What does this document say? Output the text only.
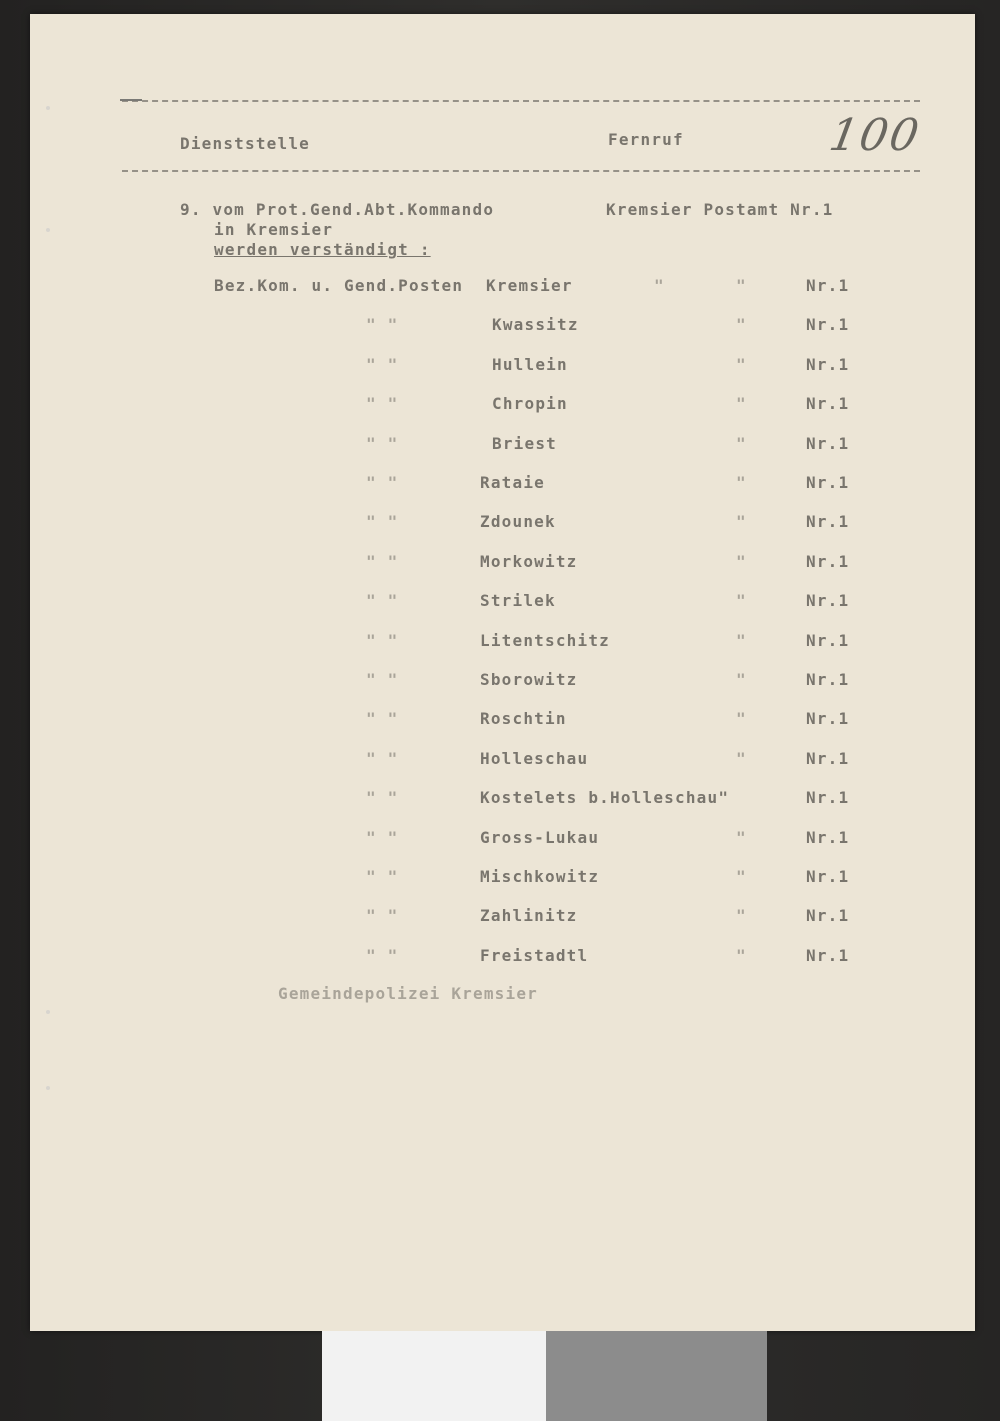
Dienststelle	Fernruf	100
9. vom Prot.Gend.Abt.Kommando	Kremsier Postamt Nr.1
in Kremsier
werden verständigt :
Bez.Kom. u. Gend.Posten Kremsier	"	"	Nr.1
" "	Kwassitz	"	Nr.1
" "	Hullein	"	Nr.1
" "	Chropin	"	Nr.1
" "	Briest	"	Nr.1
" "	Rataie	"	Nr.1
" "	Zdounek	"	Nr.1
" "	Morkowitz	"	Nr.1
" "	Strilek	"	Nr.1
" "	Litentschitz	"	Nr.1
" "	Sborowitz	"	Nr.1
" "	Roschtin	"	Nr.1
" "	Holleschau	"	Nr.1
" "	Kostelets b.Holleschau"	Nr.1
" "	Gross-Lukau	"	Nr.1
" "	Mischkowitz	"	Nr.1
" "	Zahlinitz	"	Nr.1
" "	Freistadtl	"	Nr.1
Gemeindepolizei Kremsier
